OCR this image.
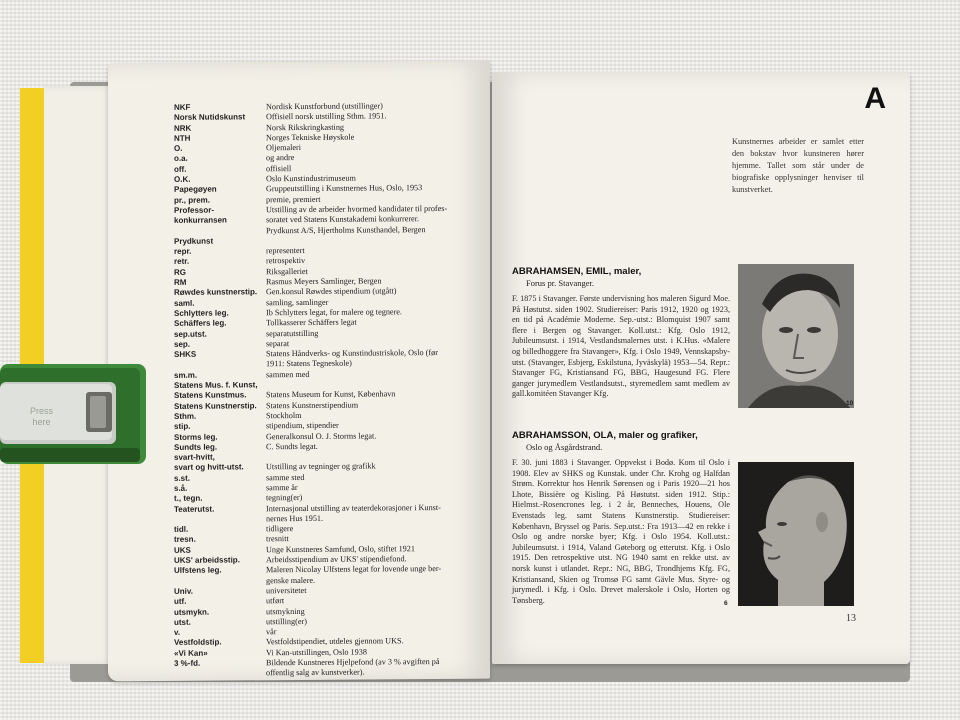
NKF	Nordisk Kunstforbund (utstillinger)
Norsk Nutidskunst	Offisiell norsk utstilling Sthm. 1951.
NRK	Norsk Rikskringkasting
NTH	Norges Tekniske Høyskole
O.	Oljemaleri
o.a.	og andre
off.	offisiell
O.K.	Oslo Kunstindustrimuseum
Papegøyen	Gruppeutstilling i Kunstnernes Hus, Oslo, 1953
pr., prem.	premie, premiert
Professor-	Utstilling av de arbeider hvormed kandidater til profes-
konkurransen	soratet ved Statens Kunstakademi konkurrerer.
Prydkunst A/S, Hjertholms Kunsthandel, Bergen
Prydkunst
repr.	representert
retr.	retrospektiv
RG	Riksgalleriet
RM	Rasmus Meyers Samlinger, Bergen
Røwdes kunstnerstip.	Gen.konsul Røwdes stipendium (utgått)
saml.	samling, samlinger
Schlytters leg.	Ib Schlytters legat, for malere og tegnere.
Schäffers leg.	Tollkasserer Schäffers legat
sep.utst.	separatutstilling
sep.	separat
SHKS	Statens Håndverks- og Kunstindustriskole, Oslo (før
1911: Statens Tegneskole)
sm.m.	sammen med
Statens Mus. f. Kunst,
Statens Kunstmus.	Statens Museum for Kunst, København
Statens Kunstnerstip.	Statens Kunstnerstipendium
Sthm.	Stockholm
stip.	stipendium, stipendier
Storms leg.	Generalkonsul O. J. Storms legat.
Sundts leg.	C. Sundts legat.
svart-hvitt,
svart og hvitt-utst.	Utstilling av tegninger og grafikk
s.st.	samme sted
s.å.	samme år
t., tegn.	tegning(er)
Teaterutst.	Internasjonal utstilling av teaterdekorasjoner i Kunst-
nernes Hus 1951.
tidl.	tidligere
tresn.	tresnitt
UKS	Unge Kunstneres Samfund, Oslo, stiftet 1921
UKS' arbeidsstip.	Arbeidsstipendium av UKS' stipendiefond.
Ulfstens leg.	Maleren Nicolay Ulfstens legat for lovende unge ber-
genske malere.
Univ.	universitetet
utf.	utført
utsmykn.	utsmykning
utst.	utstilling(er)
v.	vår
Vestfoldstip.	Vestfoldstipendiet, utdeles gjennom UKS.
«Vi Kan»	Vi Kan-utstillingen, Oslo 1938
3 %-fd.	Bildende Kunstneres Hjelpefond (av 3 % avgiften på
offentlig salg av kunstverker).
A
Kunstnernes arbeider er samlet etter den bokstav hvor kunstneren hører hjemme. Tallet som står under de biografiske opplysninger henviser til kunstverket.
ABRAHAMSEN, EMIL, maler,
Forus pr. Stavanger.
F. 1875 i Stavanger. Første undervisning hos maleren Sigurd Moe. På Høstutst. siden 1902. Studiereiser: Paris 1912, 1920 og 1923, en tid på Académie Moderne. Sep.-utst.: Blomquist 1907 samt flere i Bergen og Stavanger. Koll.utst.: Kfg. Oslo 1912, Jubileumsutst. i 1914, Vestlandsmalernes utst. i K.Hus. «Malere og billedhoggere fra Stavanger», Kfg. i Oslo 1949, Vennskapsby-utst. (Stavanger, Esbjerg, Eskilstuna, Jyväskylä) 1953—54. Repr.: Stavanger FG, Kristiansand FG, BBG, Haugesund FG. Flere ganger jurymedlem Vestlandsutst., styremedlem samt medlem av gall.komitéen Stavanger Kfg.
10
ABRAHAMSSON, OLA, maler og grafiker,
Oslo og Åsgårdstrand.
F. 30. juni 1883 i Stavanger. Oppvekst i Bodø. Kom til Oslo i 1908. Elev av SHKS og Kunstak. under Chr. Krohg og Halfdan Strøm. Korrektur hos Henrik Sørensen og i Paris 1920—21 hos Lhote, Bissière og Kisling. På Høstutst. siden 1912. Stip.: Hielmst.-Rosencrones leg. i 2 år, Benneches, Houens, Ole Evenstads leg. samt Statens Kunstnerstip. Studiereiser: København, Bryssel og Paris. Sep.utst.: Fra 1913—42 en rekke i Oslo og andre norske byer; Kfg. i Oslo 1954. Koll.utst.: Jubileumsutst. i 1914, Valand Gøteborg og etterutst. Kfg. i Oslo 1915. Den retrospektive utst. NG 1940 samt en rekke utst. av norsk kunst i utlandet. Repr.: NG, BBG, Trondhjems Kfg. FG, Kristiansand, Skien og Tromsø FG samt Gävle Mus. Styre- og jurymedl. i Kfg. i Oslo. Drevet malerskole i Oslo, Horten og Tønsberg.	6
13
Press
here
